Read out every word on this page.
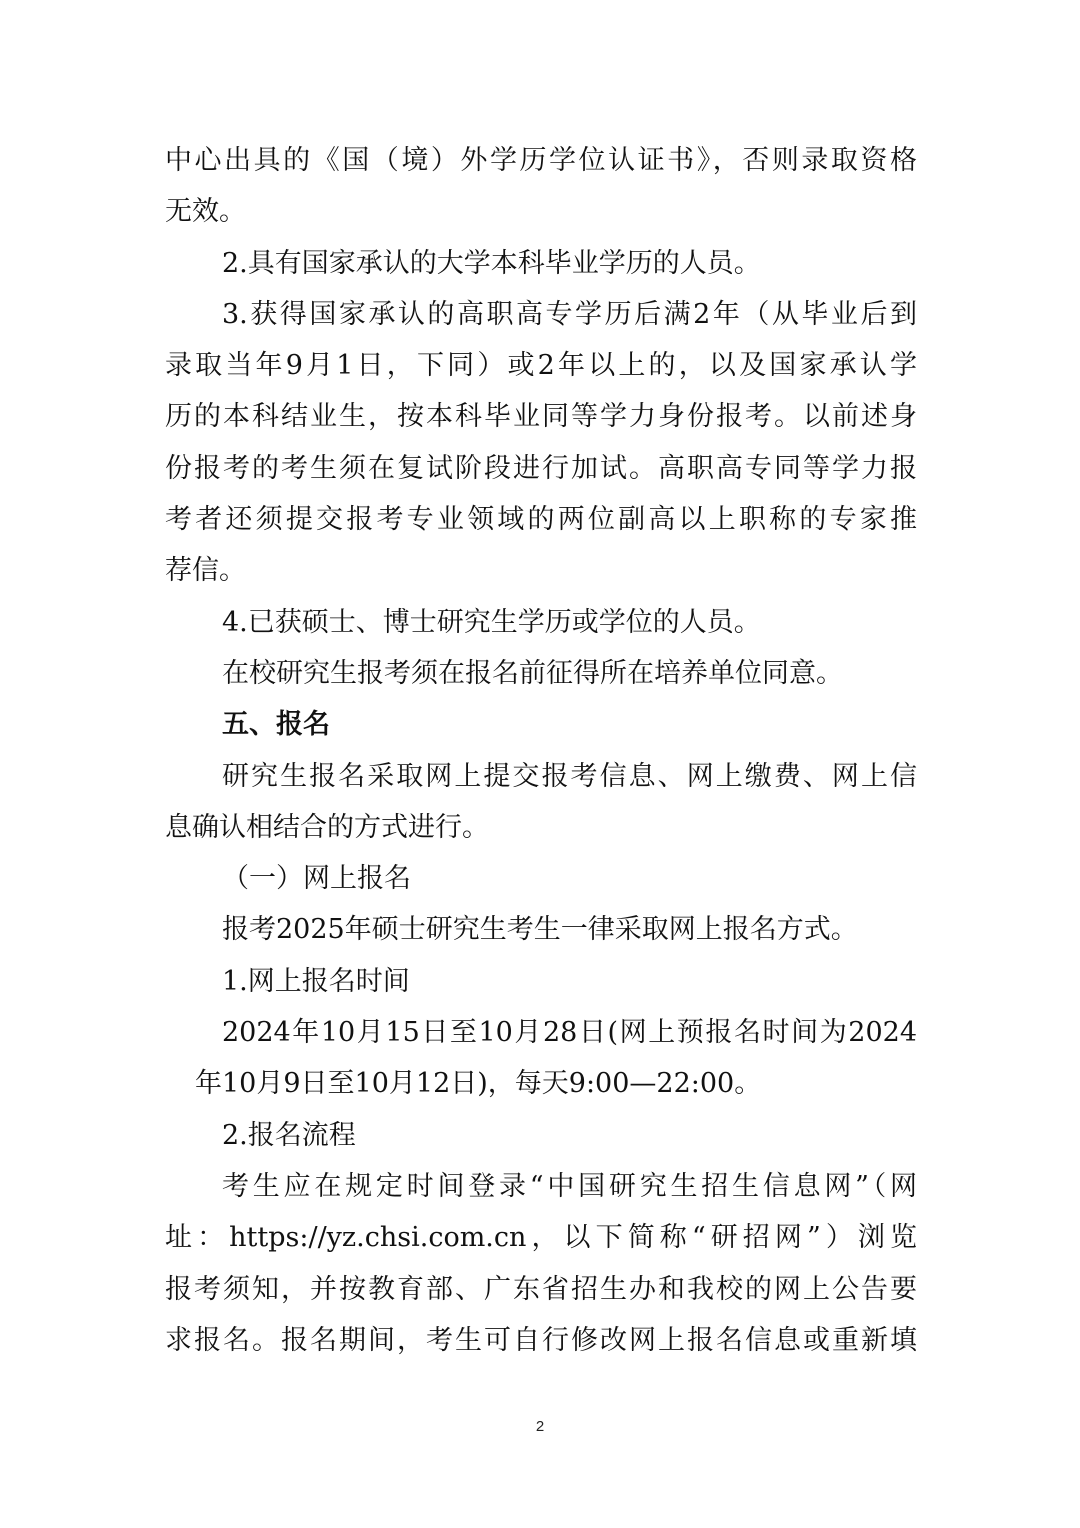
中心出具的《国（境）外学历学位认证书》，否则录取资格
无效。
2.具有国家承认的大学本科毕业学历的人员。
3.获得国家承认的高职高专学历后满2年（从毕业后到
录取当年9月1日，下同）或2年以上的，以及国家承认学
历的本科结业生，按本科毕业同等学力身份报考。以前述身
份报考的考生须在复试阶段进行加试。高职高专同等学力报
考者还须提交报考专业领域的两位副高以上职称的专家推
荐信。
4.已获硕士、博士研究生学历或学位的人员。
在校研究生报考须在报名前征得所在培养单位同意。
五、报名
研究生报名采取网上提交报考信息、网上缴费、网上信
息确认相结合的方式进行。
（一）网上报名
报考2025年硕士研究生考生一律采取网上报名方式。
1.网上报名时间
2024年10月15日至10月28日(网上预报名时间为2024
年10月9日至10月12日)，每天9:00—22:00。
2.报名流程
考生应在规定时间登录“中国研究生招生信息网”（网
址：https://yz.chsi.com.cn，以下简称“研招网”）浏览
报考须知，并按教育部、广东省招生办和我校的网上公告要
求报名。报名期间，考生可自行修改网上报名信息或重新填
2
